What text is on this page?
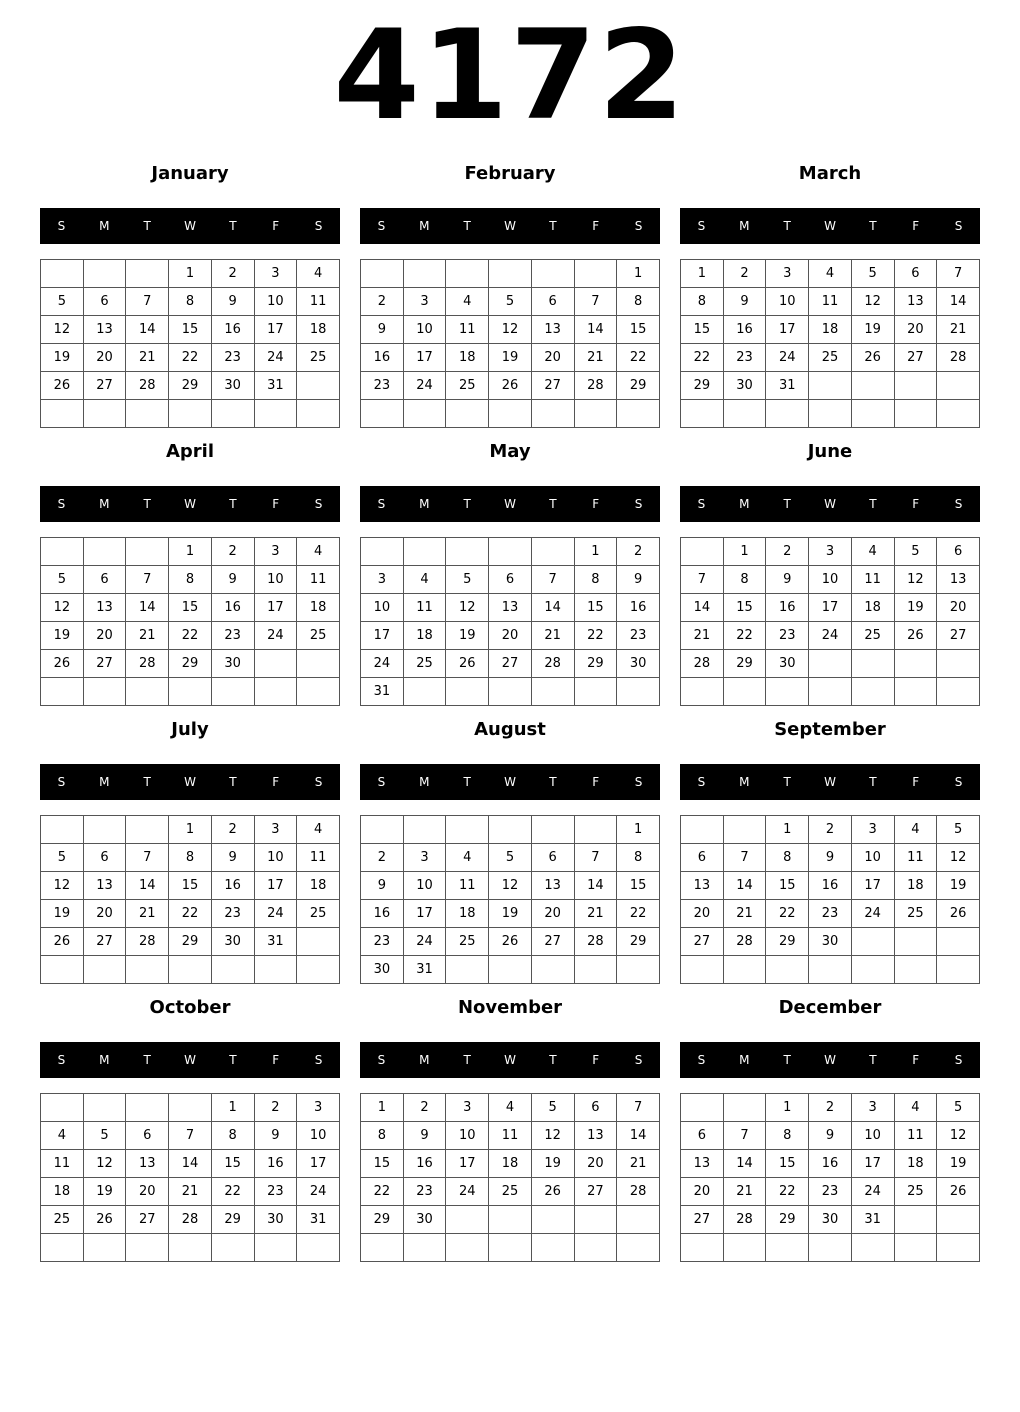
4172
January
S	M	T	W	T	F	S
			1	2	3	4
5	6	7	8	9	10	11
12	13	14	15	16	17	18
19	20	21	22	23	24	25
26	27	28	29	30	31	

February
S	M	T	W	T	F	S
						1
2	3	4	5	6	7	8
9	10	11	12	13	14	15
16	17	18	19	20	21	22
23	24	25	26	27	28	29

March
S	M	T	W	T	F	S
1	2	3	4	5	6	7
8	9	10	11	12	13	14
15	16	17	18	19	20	21
22	23	24	25	26	27	28
29	30	31				

April
S	M	T	W	T	F	S
			1	2	3	4
5	6	7	8	9	10	11
12	13	14	15	16	17	18
19	20	21	22	23	24	25
26	27	28	29	30		

May
S	M	T	W	T	F	S
					1	2
3	4	5	6	7	8	9
10	11	12	13	14	15	16
17	18	19	20	21	22	23
24	25	26	27	28	29	30
31						
June
S	M	T	W	T	F	S
	1	2	3	4	5	6
7	8	9	10	11	12	13
14	15	16	17	18	19	20
21	22	23	24	25	26	27
28	29	30				

July
S	M	T	W	T	F	S
			1	2	3	4
5	6	7	8	9	10	11
12	13	14	15	16	17	18
19	20	21	22	23	24	25
26	27	28	29	30	31	

August
S	M	T	W	T	F	S
						1
2	3	4	5	6	7	8
9	10	11	12	13	14	15
16	17	18	19	20	21	22
23	24	25	26	27	28	29
30	31					
September
S	M	T	W	T	F	S
		1	2	3	4	5
6	7	8	9	10	11	12
13	14	15	16	17	18	19
20	21	22	23	24	25	26
27	28	29	30			

October
S	M	T	W	T	F	S
				1	2	3
4	5	6	7	8	9	10
11	12	13	14	15	16	17
18	19	20	21	22	23	24
25	26	27	28	29	30	31

November
S	M	T	W	T	F	S
1	2	3	4	5	6	7
8	9	10	11	12	13	14
15	16	17	18	19	20	21
22	23	24	25	26	27	28
29	30					

December
S	M	T	W	T	F	S
		1	2	3	4	5
6	7	8	9	10	11	12
13	14	15	16	17	18	19
20	21	22	23	24	25	26
27	28	29	30	31		
